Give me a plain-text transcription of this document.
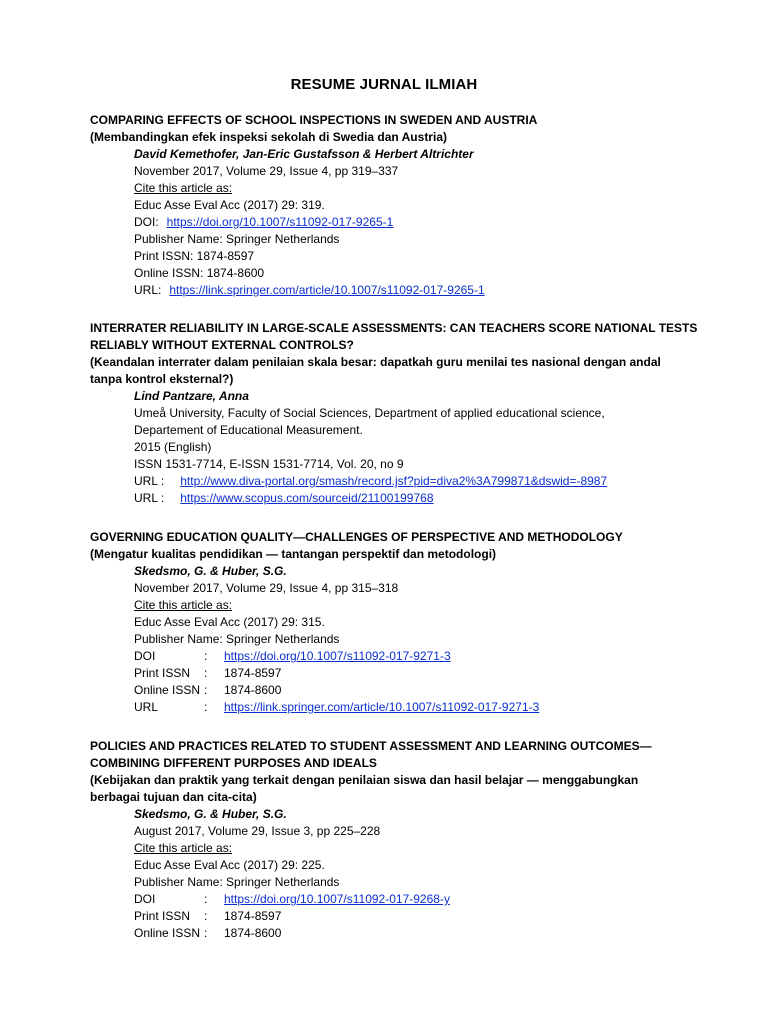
RESUME JURNAL ILMIAH
COMPARING EFFECTS OF SCHOOL INSPECTIONS IN SWEDEN AND AUSTRIA
(Membandingkan efek inspeksi sekolah di Swedia dan Austria)
David Kemethofer, Jan-Eric Gustafsson & Herbert Altrichter
November 2017, Volume 29, Issue 4, pp 319–337
Cite this article as:
Educ Asse Eval Acc (2017) 29: 319.
DOI: https://doi.org/10.1007/s11092-017-9265-1
Publisher Name: Springer Netherlands
Print ISSN: 1874-8597
Online ISSN: 1874-8600
URL: https://link.springer.com/article/10.1007/s11092-017-9265-1
INTERRATER RELIABILITY IN LARGE-SCALE ASSESSMENTS: CAN TEACHERS SCORE NATIONAL TESTS
RELIABLY WITHOUT EXTERNAL CONTROLS?
(Keandalan interrater dalam penilaian skala besar: dapatkah guru menilai tes nasional dengan andal
tanpa kontrol eksternal?)
Lind Pantzare, Anna
Umeå University, Faculty of Social Sciences, Department of applied educational science,
Departement of Educational Measurement.
2015 (English)
ISSN 1531-7714, E-ISSN 1531-7714, Vol. 20, no 9
URL : http://www.diva-portal.org/smash/record.jsf?pid=diva2%3A799871&dswid=-8987
URL : https://www.scopus.com/sourceid/21100199768
GOVERNING EDUCATION QUALITY—CHALLENGES OF PERSPECTIVE AND METHODOLOGY
(Mengatur kualitas pendidikan — tantangan perspektif dan metodologi)
Skedsmo, G. & Huber, S.G.
November 2017, Volume 29, Issue 4, pp 315–318
Cite this article as:
Educ Asse Eval Acc (2017) 29: 315.
Publisher Name: Springer Netherlands
DOI	:	https://doi.org/10.1007/s11092-017-9271-3
Print ISSN	:	1874-8597
Online ISSN :	1874-8600
URL	:	https://link.springer.com/article/10.1007/s11092-017-9271-3
POLICIES AND PRACTICES RELATED TO STUDENT ASSESSMENT AND LEARNING OUTCOMES—
COMBINING DIFFERENT PURPOSES AND IDEALS
(Kebijakan dan praktik yang terkait dengan penilaian siswa dan hasil belajar — menggabungkan
berbagai tujuan dan cita-cita)
Skedsmo, G. & Huber, S.G.
August 2017, Volume 29, Issue 3, pp 225–228
Cite this article as:
Educ Asse Eval Acc (2017) 29: 225.
Publisher Name: Springer Netherlands
DOI	:	https://doi.org/10.1007/s11092-017-9268-y
Print ISSN	:	1874-8597
Online ISSN :	1874-8600
